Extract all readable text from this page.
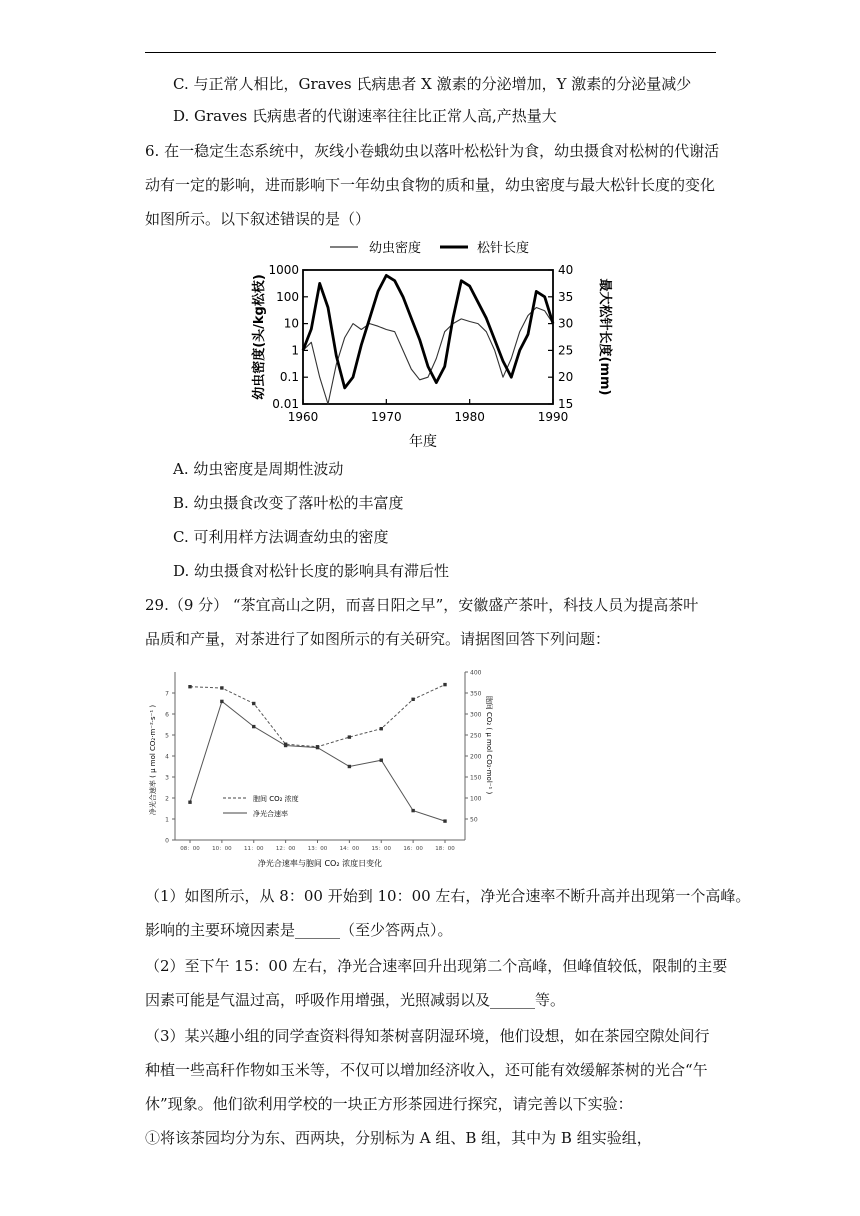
C. 与正常人相比，Graves 氏病患者 X 激素的分泌增加，Y 激素的分泌量减少
D. Graves 氏病患者的代谢速率往往比正常人高,产热量大
6. 在一稳定生态系统中，灰线小卷蛾幼虫以落叶松松针为食，幼虫摄食对松树的代谢活
动有一定的影响，进而影响下一年幼虫食物的质和量，幼虫密度与最大松针长度的变化
如图所示。以下叙述错误的是（）
幼虫密度	松针长度
1000
100
10
1
0.1
0.01
40
35
30
25
20
15
1960	1970	1980	1990
幼虫密度(头/kg松枝)	最大松针长度(mm)
年度
A. 幼虫密度是周期性波动
B. 幼虫摄食改变了落叶松的丰富度
C. 可利用样方法调查幼虫的密度
D. 幼虫摄食对松针长度的影响具有滞后性
29.（9 分） “茶宜高山之阴，而喜日阳之早”，安徽盛产茶叶，科技人员为提高茶叶
品质和产量，对茶进行了如图所示的有关研究。请据图回答下列问题：
7
6
5
4
3
2
1
0
400
350
300
250
200
150
100
50
08：00 10：00 11：00 12：00 13：00 14：00 15：00 16：00 18：00
胞间 CO₂ 浓度
净光合速率
净光合速率 ( μ mol CO₂·m⁻²·s⁻¹ )	胞间 CO₂ ( μ mol CO₂·mol⁻¹ )
净光合速率与胞间 CO₂ 浓度日变化
（1）如图所示，从 8：00 开始到 10：00 左右，净光合速率不断升高并出现第一个高峰。
影响的主要环境因素是______（至少答两点）。
（2）至下午 15：00 左右，净光合速率回升出现第二个高峰，但峰值较低，限制的主要
因素可能是气温过高，呼吸作用增强，光照减弱以及______等。
（3）某兴趣小组的同学查资料得知茶树喜阴湿环境，他们设想，如在茶园空隙处间行
种植一些高秆作物如玉米等，不仅可以增加经济收入，还可能有效缓解茶树的光合“午
休”现象。他们欲利用学校的一块正方形茶园进行探究，请完善以下实验：
①将该茶园均分为东、西两块，分别标为 A 组、B 组，其中为 B 组实验组，
